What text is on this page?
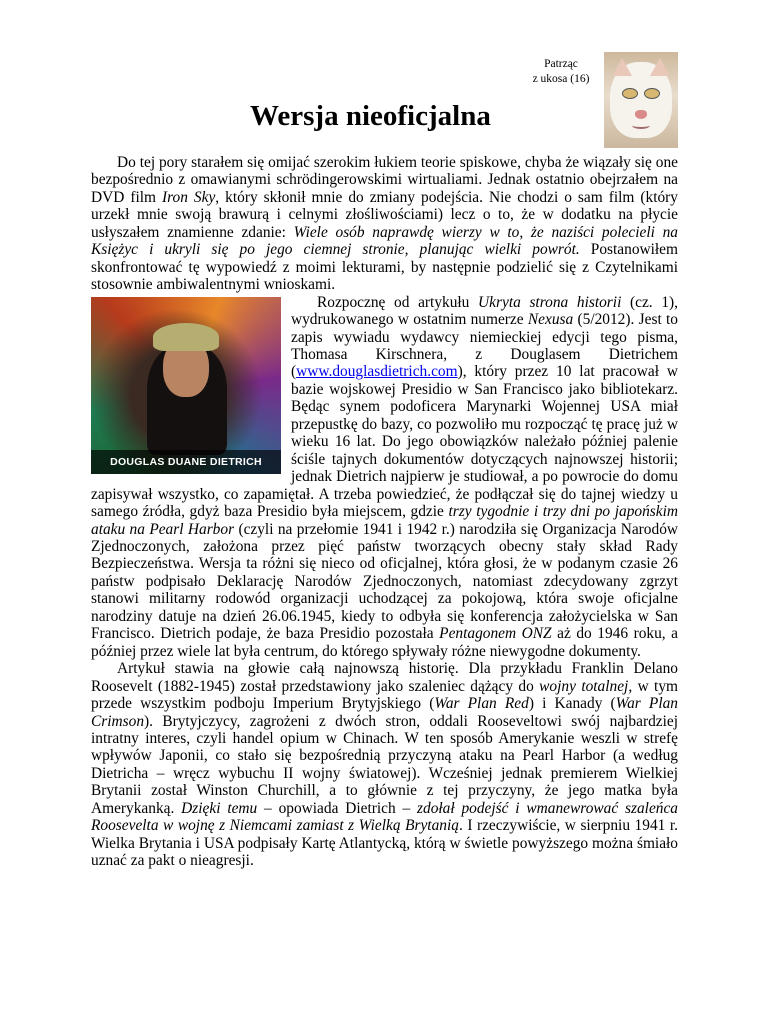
Patrząc
z ukosa (16)
Wersja nieoficjalna

Do tej pory starałem się omijać szerokim łukiem teorie spiskowe, chyba że wiązały się one bezpośrednio z omawianymi schrödingerowskimi wirtualiami. Jednak ostatnio obejrzałem na DVD film Iron Sky, który skłonił mnie do zmiany podejścia. Nie chodzi o sam film (który urzekł mnie swoją brawurą i celnymi złośliwościami) lecz o to, że w dodatku na płycie usłyszałem znamienne zdanie: Wiele osób naprawdę wierzy w to, że naziści polecieli na Księżyc i ukryli się po jego ciemnej stronie, planując wielki powrót. Postanowiłem skonfrontować tę wypowiedź z moimi lekturami, by następnie podzielić się z Czytelnikami stosownie ambiwalentnymi wnioskami.

DOUGLAS DUANE DIETRICH

Rozpocznę od artykułu Ukryta strona historii (cz. 1), wydrukowanego w ostatnim numerze Nexusa (5/2012). Jest to zapis wywiadu wydawcy niemieckiej edycji tego pisma, Thomasa Kirschnera, z Douglasem Dietrichem (www.douglasdietrich.com), który przez 10 lat pracował w bazie wojskowej Presidio w San Francisco jako bibliotekarz. Będąc synem podoficera Marynarki Wojennej USA miał przepustkę do bazy, co pozwoliło mu rozpocząć tę pracę już w wieku 16 lat. Do jego obowiązków należało później palenie ściśle tajnych dokumentów dotyczących najnowszej historii; jednak Dietrich najpierw je studiował, a po powrocie do domu zapisywał wszystko, co zapamiętał. A trzeba powiedzieć, że podłączał się do tajnej wiedzy u samego źródła, gdyż baza Presidio była miejscem, gdzie trzy tygodnie i trzy dni po japońskim ataku na Pearl Harbor (czyli na przełomie 1941 i 1942 r.) narodziła się Organizacja Narodów Zjednoczonych, założona przez pięć państw tworzących obecny stały skład Rady Bezpieczeństwa. Wersja ta różni się nieco od oficjalnej, która głosi, że w podanym czasie 26 państw podpisało Deklarację Narodów Zjednoczonych, natomiast zdecydowany zgrzyt stanowi militarny rodowód organizacji uchodzącej za pokojową, która swoje oficjalne narodziny datuje na dzień 26.06.1945, kiedy to odbyła się konferencja założycielska w San Francisco. Dietrich podaje, że baza Presidio pozostała Pentagonem ONZ aż do 1946 roku, a później przez wiele lat była centrum, do którego spływały różne niewygodne dokumenty.

Artykuł stawia na głowie całą najnowszą historię. Dla przykładu Franklin Delano Roosevelt (1882-1945) został przedstawiony jako szaleniec dążący do wojny totalnej, w tym przede wszystkim podboju Imperium Brytyjskiego (War Plan Red) i Kanady (War Plan Crimson). Brytyjczycy, zagrożeni z dwóch stron, oddali Rooseveltowi swój najbardziej intratny interes, czyli handel opium w Chinach. W ten sposób Amerykanie weszli w strefę wpływów Japonii, co stało się bezpośrednią przyczyną ataku na Pearl Harbor (a według Dietricha – wręcz wybuchu II wojny światowej). Wcześniej jednak premierem Wielkiej Brytanii został Winston Churchill, a to głównie z tej przyczyny, że jego matka była Amerykanką. Dzięki temu – opowiada Dietrich – zdołał podejść i wmanewrować szaleńca Roosevelta w wojnę z Niemcami zamiast z Wielką Brytanią. I rzeczywiście, w sierpniu 1941 r. Wielka Brytania i USA podpisały Kartę Atlantycką, którą w świetle powyższego można śmiało uznać za pakt o nieagresji.
